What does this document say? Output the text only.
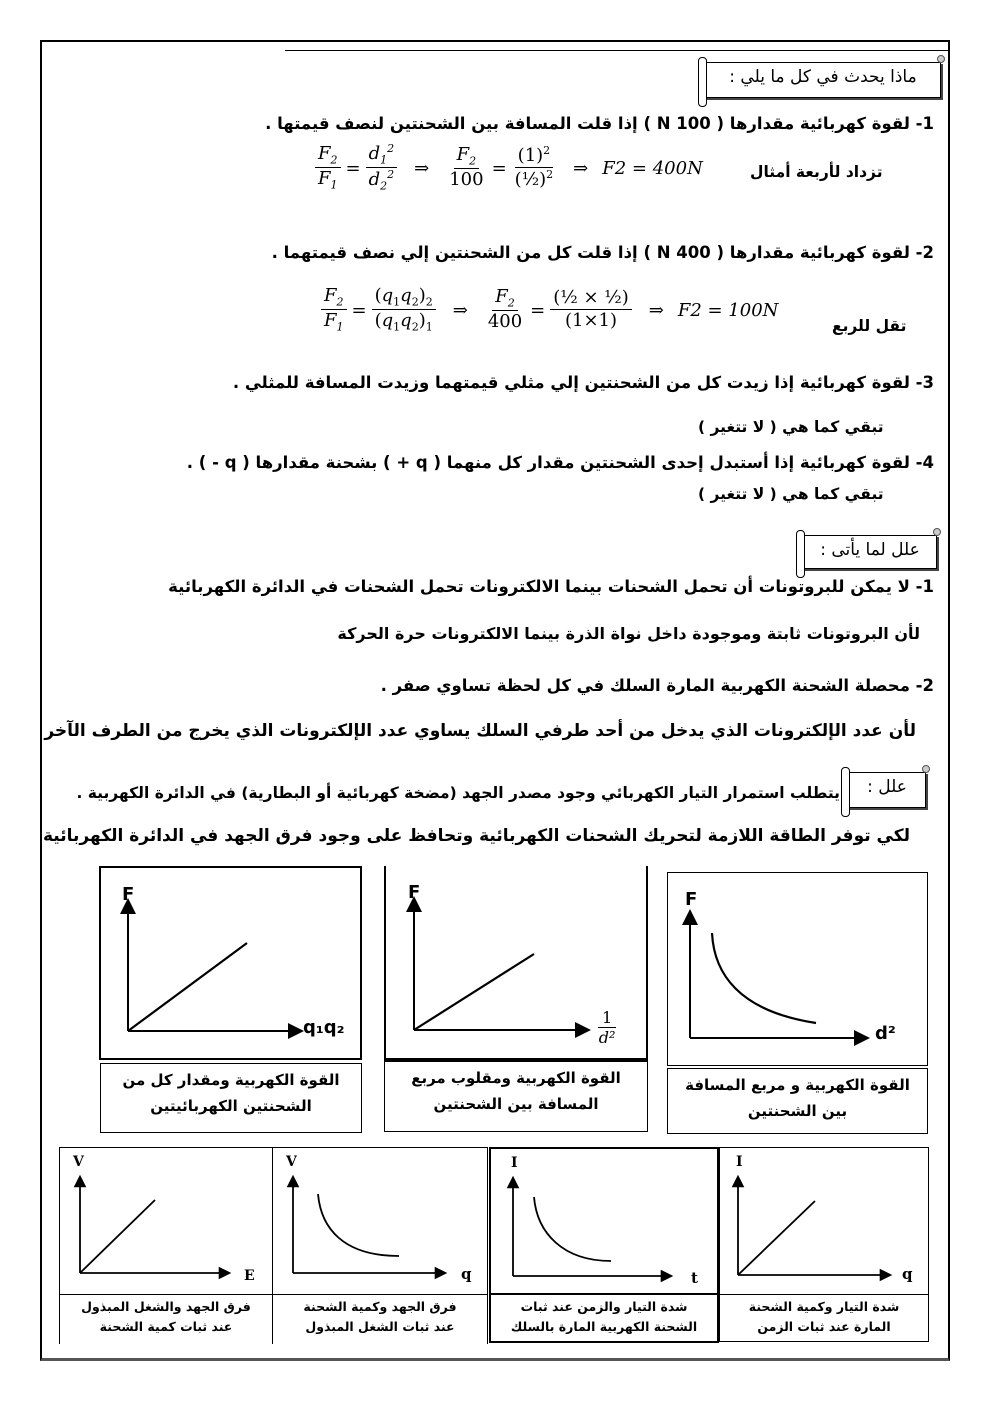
ماذا يحدث في كل ما يلي :
1- لقوة كهربائية مقدارها ( 100 N ) إذا قلت المسافة بين الشحنتين لنصف قيمتها .
$\frac{F_2}{F_1} = \frac{d_1^2}{d_2^2}$ ⇒ $\frac{F_2}{100} = \frac{(1)^2}{(\frac{1}{2})^2}$ ⇒ F2 = 400N	تزداد لأربعة أمثال
2- لقوة كهربائية مقدارها ( 400 N ) إذا قلت كل من الشحنتين إلي نصف قيمتهما .
$\frac{F_2}{F_1} = \frac{(q_1q_2)_2}{(q_1q_2)_1}$ ⇒ $\frac{F_2}{400} = \frac{\text{(½ × ½)}}{(1\times 1)}$ ⇒ F2 = 100N
تقل للربع
3- لقوة كهربائية إذا زيدت كل من الشحنتين إلي مثلي قيمتهما وزيدت المسافة للمثلي .
تبقي كما هي ( لا تتغير )
4- لقوة كهربائية إذا أستبدل إحدى الشحنتين مقدار كل منهما ( q + ) بشحنة مقدارها ( q - ) .
تبقي كما هي ( لا تتغير )
علل لما يأتى :
1- لا يمكن للبروتونات أن تحمل الشحنات بينما الالكترونات تحمل الشحنات في الدائرة الكهربائية
لأن البروتونات ثابتة وموجودة داخل نواة الذرة بينما الالكترونات حرة الحركة
2- محصلة الشحنة الكهربية المارة السلك في كل لحظة تساوي صفر .
لأن عدد الإلكترونات الذي يدخل من أحد طرفي السلك يساوي عدد الإلكترونات الذي يخرج من الطرف الآخر
علل :
يتطلب استمرار التيار الكهربائي وجود مصدر الجهد (مضخة كهربائية أو البطارية) في الدائرة الكهربية .
لكي توفر الطاقة اللازمة لتحريك الشحنات الكهربائية وتحافظ على وجود فرق الجهد في الدائرة الكهربائية
F
q₁q₂
القوة الكهربية ومقدار كل من
الشحنتين الكهربائيتين
F
$\frac{1}{\text{d²}}$
القوة الكهربية ومقلوب مربع
المسافة بين الشحنتين
F
d²
القوة الكهربية و مربع المسافة
بين الشحنتين
V
E
فرق الجهد والشغل المبذول
عند ثبات كمية الشحنة
V
q
فرق الجهد وكمية الشحنة
عند ثبات الشغل المبذول
I
t
شدة التيار والزمن عند ثبات
الشحنة الكهربية المارة بالسلك
I
q
شدة التيار وكمية الشحنة
المارة عند ثبات الزمن
